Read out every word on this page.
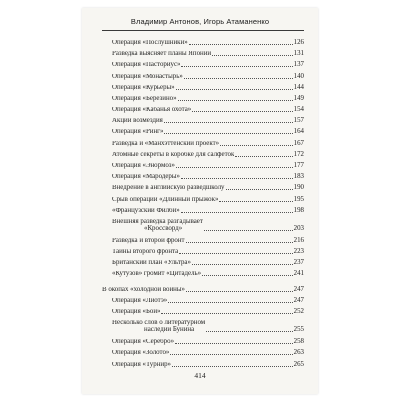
Владимир Антонов, Игорь Атаманенко
Операция «Послушники»	126
Разведка выясняет планы Японии	131
Операция «Пасториус»	137
Операция «Монастырь»	140
Операция «Курьеры»	144
Операция «Березино»	149
Операция «Кабанья охота»	154
Акции возмездия	157
Операция «Ринг»	164
Разведка и «Манхэттенский проект»	167
Атомные секреты в коробке для салфеток	172
Операция «Энормоз»	177
Операция «Мародеры»	183
Внедрение в английскую разведшколу	190
Срыв операции «Длинный прыжок»	195
«Французский Филби»	198
Внешняя разведка разгадывает
«Кроссворд»	203
Разведка и второй фронт	216
Тайны второго фронта	223
Британский план «Ультра»	237
«Кутузов» громит «Цитадель»	241
В окопах «холодной войны»	247
Операция «Лиотэ»	247
Операция «Бой»	252
Несколько слов о литературном
наследии Бунина	255
Операция «Серебро»	258
Операция «Золото»	263
Операция «Турнир»	265
414
